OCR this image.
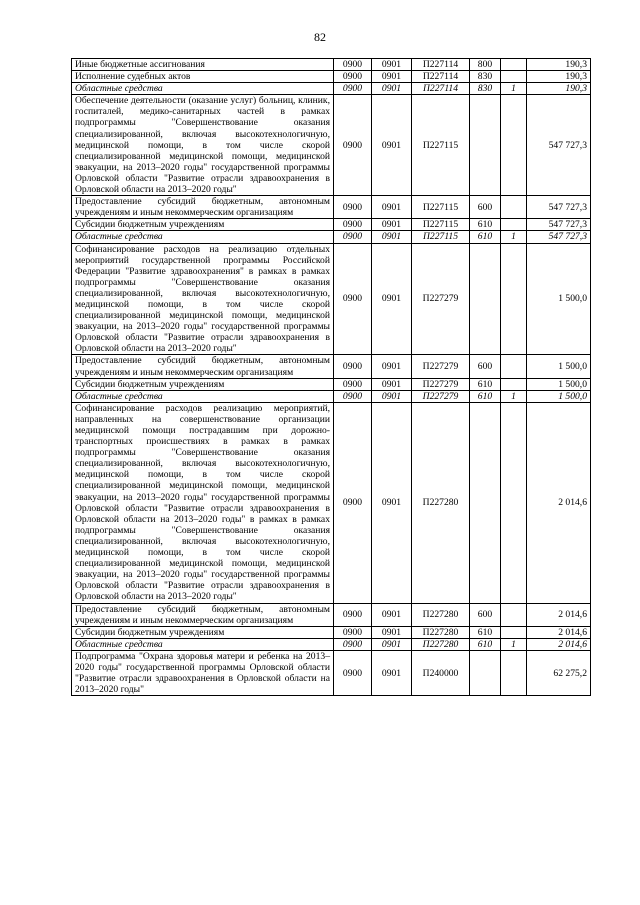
82
Иные бюджетные ассигнования	0900	0901	П227114	800		190,3
Исполнение судебных актов	0900	0901	П227114	830		190,3
Областные средства	0900	0901	П227114	830	1	190,3
Обеспечение деятельности (оказание услуг) больниц, клиник, госпиталей, медико-санитарных частей в рамках подпрограммы "Совершенствование оказания специализированной, включая высокотехнологичную, медицинской помощи, в том числе скорой специализированной медицинской помощи, медицинской эвакуации, на 2013–2020 годы" государственной программы Орловской области "Развитие отрасли здравоохранения в Орловской области на 2013–2020 годы"	0900	0901	П227115			547 727,3
Предоставление субсидий бюджетным, автономным учреждениям и иным некоммерческим организациям	0900	0901	П227115	600		547 727,3
Субсидии бюджетным учреждениям	0900	0901	П227115	610		547 727,3
Областные средства	0900	0901	П227115	610	1	547 727,3
Софинансирование расходов на реализацию отдельных мероприятий государственной программы Российской Федерации "Развитие здравоохранения" в рамках в рамках подпрограммы "Совершенствование оказания специализированной, включая высокотехнологичную, медицинской помощи, в том числе скорой специализированной медицинской помощи, медицинской эвакуации, на 2013–2020 годы" государственной программы Орловской области "Развитие отрасли здравоохранения в Орловской области на 2013–2020 годы"	0900	0901	П227279			1 500,0
Предоставление субсидий бюджетным, автономным учреждениям и иным некоммерческим организациям	0900	0901	П227279	600		1 500,0
Субсидии бюджетным учреждениям	0900	0901	П227279	610		1 500,0
Областные средства	0900	0901	П227279	610	1	1 500,0
Софинансирование расходов реализацию мероприятий, направленных на совершенствование организации медицинской помощи пострадавшим при дорожно-транспортных происшествиях в рамках в рамках подпрограммы "Совершенствование оказания специализированной, включая высокотехнологичную, медицинской помощи, в том числе скорой специализированной медицинской помощи, медицинской эвакуации, на 2013–2020 годы" государственной программы Орловской области "Развитие отрасли здравоохранения в Орловской области на 2013–2020 годы" в рамках в рамках подпрограммы "Совершенствование оказания специализированной, включая высокотехнологичную, медицинской помощи, в том числе скорой специализированной медицинской помощи, медицинской эвакуации, на 2013–2020 годы" государственной программы Орловской области "Развитие отрасли здравоохранения в Орловской области на 2013–2020 годы"	0900	0901	П227280			2 014,6
Предоставление субсидий бюджетным, автономным учреждениям и иным некоммерческим организациям	0900	0901	П227280	600		2 014,6
Субсидии бюджетным учреждениям	0900	0901	П227280	610		2 014,6
Областные средства	0900	0901	П227280	610	1	2 014,6
Подпрограмма "Охрана здоровья матери и ребенка на 2013–2020 годы" государственной программы Орловской области "Развитие отрасли здравоохранения в Орловской области на 2013–2020 годы"	0900	0901	П240000			62 275,2
